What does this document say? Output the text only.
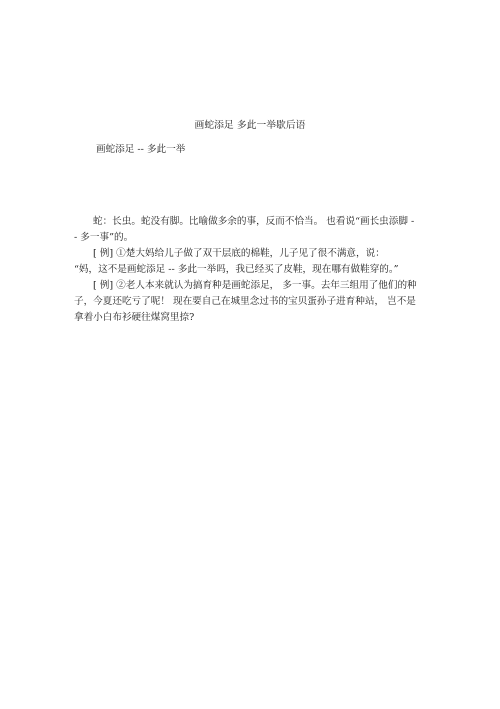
画蛇添足 多此一举歇后语
画蛇添足 -- 多此一举
蛇：长虫。蛇没有脚。比喻做多余的事，反而不恰当。 也看说“画长虫添脚 -
- 多一事”的。
[ 例] ①楚大妈给儿子做了双干层底的棉鞋，儿子见了很不满意，说：
“妈，这不是画蛇添足 -- 多此一举吗，我已经买了皮鞋，现在哪有做鞋穿的。”
[ 例] ②老人本来就认为搞育种是画蛇添足， 多一事。去年三组用了他们的种
子，今夏还吃亏了呢！ 现在要自己在城里念过书的宝贝蛋孙子进育种站， 岂不是
拿着小白布衫硬往煤窝里捺?
